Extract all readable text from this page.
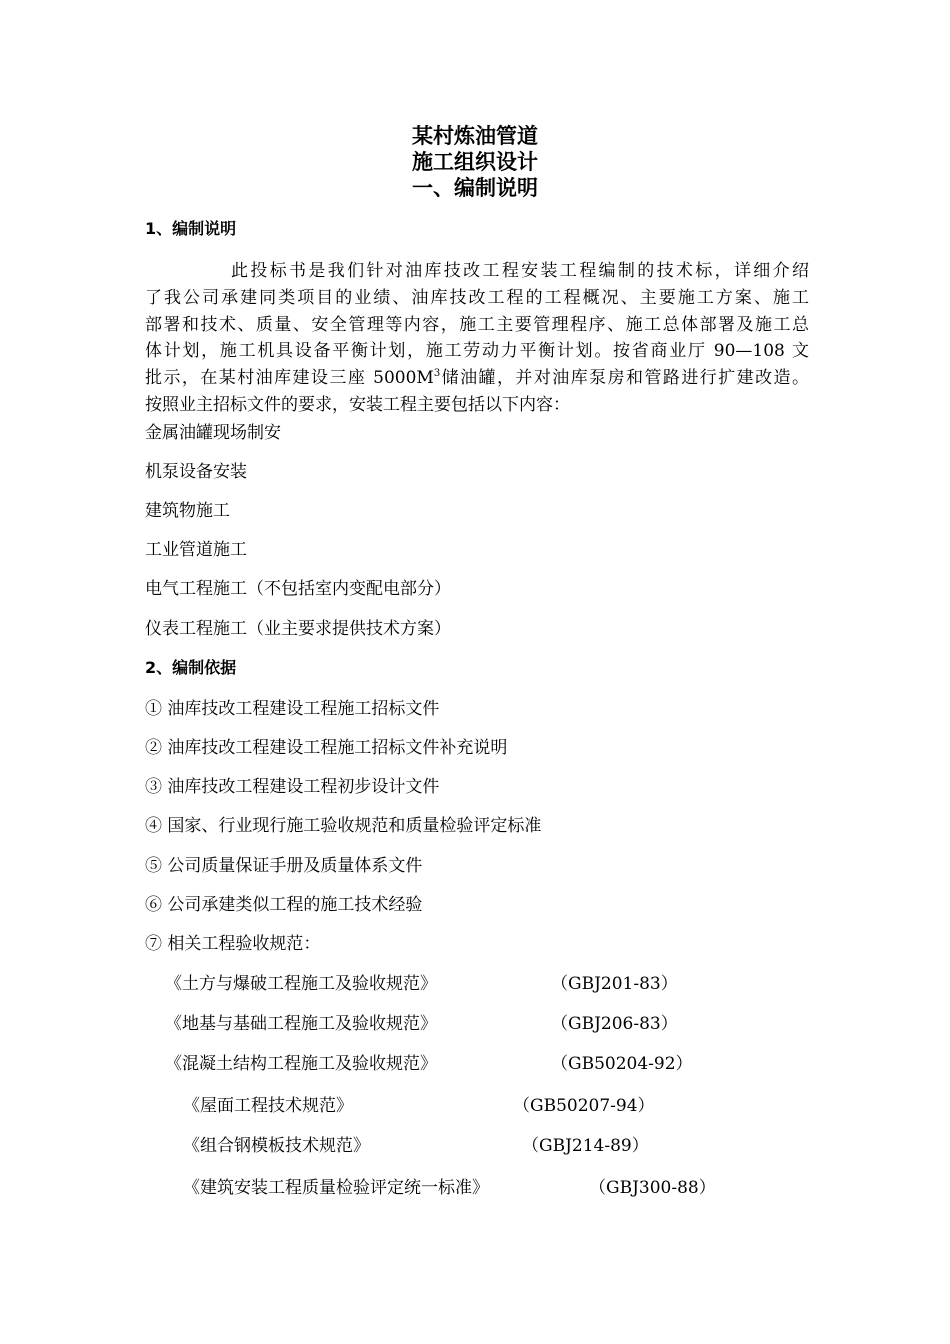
某村炼油管道
施工组织设计
一、编制说明
1、编制说明
此投标书是我们针对油库技改工程安装工程编制的技术标，详细介绍
了我公司承建同类项目的业绩、油库技改工程的工程概况、主要施工方案、施工
部署和技术、质量、安全管理等内容，施工主要管理程序、施工总体部署及施工总
体计划，施工机具设备平衡计划，施工劳动力平衡计划。按省商业厅 90—108 文
批示，在某村油库建设三座 $5000M^3$储油罐，并对油库泵房和管路进行扩建改造。
按照业主招标文件的要求，安装工程主要包括以下内容：
金属油罐现场制安
机泵设备安装
建筑物施工
工业管道施工
电气工程施工（不包括室内变配电部分）
仪表工程施工（业主要求提供技术方案）
2、编制依据
① 油库技改工程建设工程施工招标文件
② 油库技改工程建设工程施工招标文件补充说明
③ 油库技改工程建设工程初步设计文件
④ 国家、行业现行施工验收规范和质量检验评定标准
⑤ 公司质量保证手册及质量体系文件
⑥ 公司承建类似工程的施工技术经验
⑦ 相关工程验收规范：
《土方与爆破工程施工及验收规范》	（GBJ201-83）
《地基与基础工程施工及验收规范》	（GBJ206-83）
《混凝土结构工程施工及验收规范》	（GB50204-92）
《屋面工程技术规范》	（GB50207-94）
《组合钢模板技术规范》	（GBJ214-89）
《建筑安装工程质量检验评定统一标准》	（GBJ300-88）
